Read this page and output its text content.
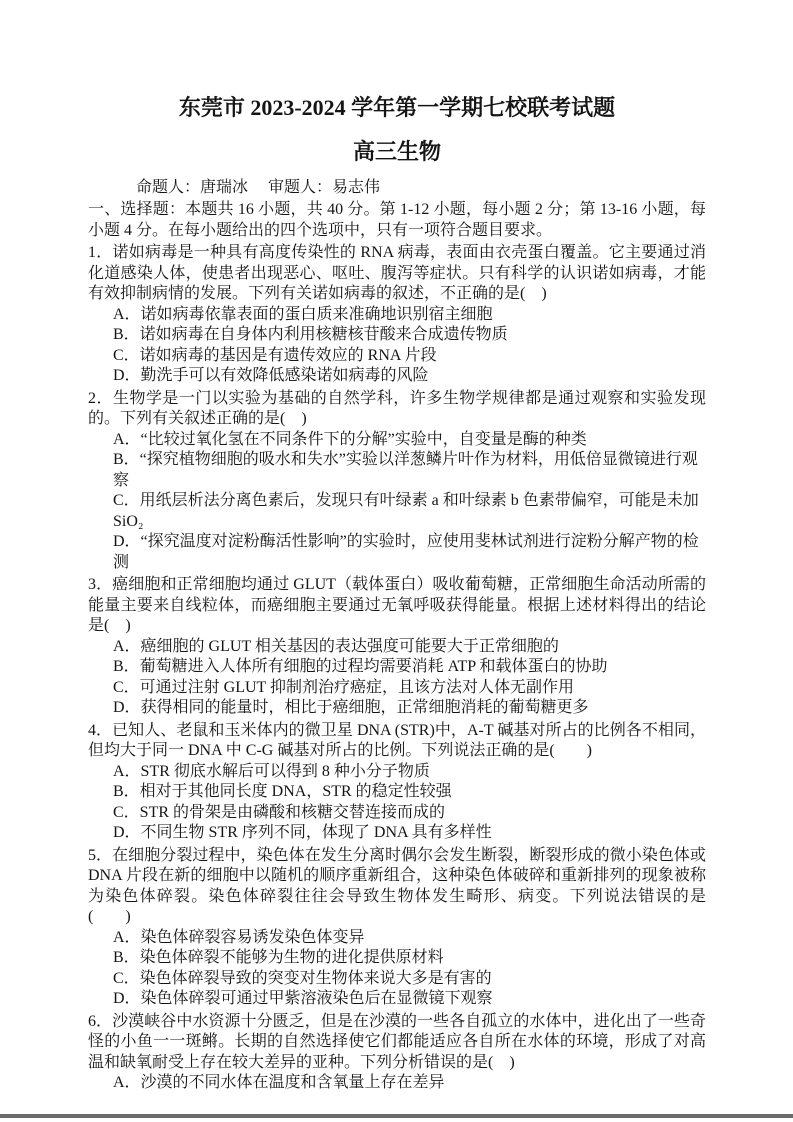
东莞市 2023-2024 学年第一学期七校联考试题
高三生物

命题人：唐瑞冰　 审题人：易志伟

一、选择题：本题共 16 小题，共 40 分。第 1-12 小题，每小题 2 分；第 13-16 小题，每小题 4 分。在每小题给出的四个选项中，只有一项符合题目要求。

1．诺如病毒是一种具有高度传染性的 RNA 病毒，表面由衣壳蛋白覆盖。它主要通过消化道感染人体，使患者出现恶心、呕吐、腹泻等症状。只有科学的认识诺如病毒，才能有效抑制病情的发展。下列有关诺如病毒的叙述，不正确的是(　)

A．诺如病毒依靠表面的蛋白质来准确地识别宿主细胞

B．诺如病毒在自身体内利用核糖核苷酸来合成遗传物质

C．诺如病毒的基因是有遗传效应的 RNA 片段

D．勤洗手可以有效降低感染诺如病毒的风险

2．生物学是一门以实验为基础的自然学科，许多生物学规律都是通过观察和实验发现的。下列有关叙述正确的是(　)

A．“比较过氧化氢在不同条件下的分解”实验中，自变量是酶的种类

B．“探究植物细胞的吸水和失水”实验以洋葱鳞片叶作为材料，用低倍显微镜进行观察

C．用纸层析法分离色素后，发现只有叶绿素 a 和叶绿素 b 色素带偏窄，可能是未加 SiO₂

D．“探究温度对淀粉酶活性影响”的实验时，应使用斐林试剂进行淀粉分解产物的检测

3．癌细胞和正常细胞均通过 GLUT（载体蛋白）吸收葡萄糖，正常细胞生命活动所需的能量主要来自线粒体，而癌细胞主要通过无氧呼吸获得能量。根据上述材料得出的结论是(　)

A．癌细胞的 GLUT 相关基因的表达强度可能要大于正常细胞的

B．葡萄糖进入人体所有细胞的过程均需要消耗 ATP 和载体蛋白的协助

C．可通过注射 GLUT 抑制剂治疗癌症，且该方法对人体无副作用

D．获得相同的能量时，相比于癌细胞，正常细胞消耗的葡萄糖更多

4．已知人、老鼠和玉米体内的微卫星 DNA (STR)中，A-T 碱基对所占的比例各不相同，但均大于同一 DNA 中 C-G 碱基对所占的比例。下列说法正确的是(　　)

A．STR 彻底水解后可以得到 8 种小分子物质

B．相对于其他同长度 DNA，STR 的稳定性较强

C．STR 的骨架是由磷酸和核糖交替连接而成的

D．不同生物 STR 序列不同，体现了 DNA 具有多样性

5．在细胞分裂过程中，染色体在发生分离时偶尔会发生断裂，断裂形成的微小染色体或 DNA 片段在新的细胞中以随机的顺序重新组合，这种染色体破碎和重新排列的现象被称为染色体碎裂。染色体碎裂往往会导致生物体发生畸形、病变。下列说法错误的是(　　)

A．染色体碎裂容易诱发染色体变异

B．染色体碎裂不能够为生物的进化提供原材料

C．染色体碎裂导致的突变对生物体来说大多是有害的

D．染色体碎裂可通过甲紫溶液染色后在显微镜下观察

6．沙漠峡谷中水资源十分匮乏，但是在沙漠的一些各自孤立的水体中，进化出了一些奇怪的小鱼一一斑鳉。长期的自然选择使它们都能适应各自所在水体的环境，形成了对高温和缺氧耐受上存在较大差异的亚种。下列分析错误的是(　)

A．沙漠的不同水体在温度和含氧量上存在差异
